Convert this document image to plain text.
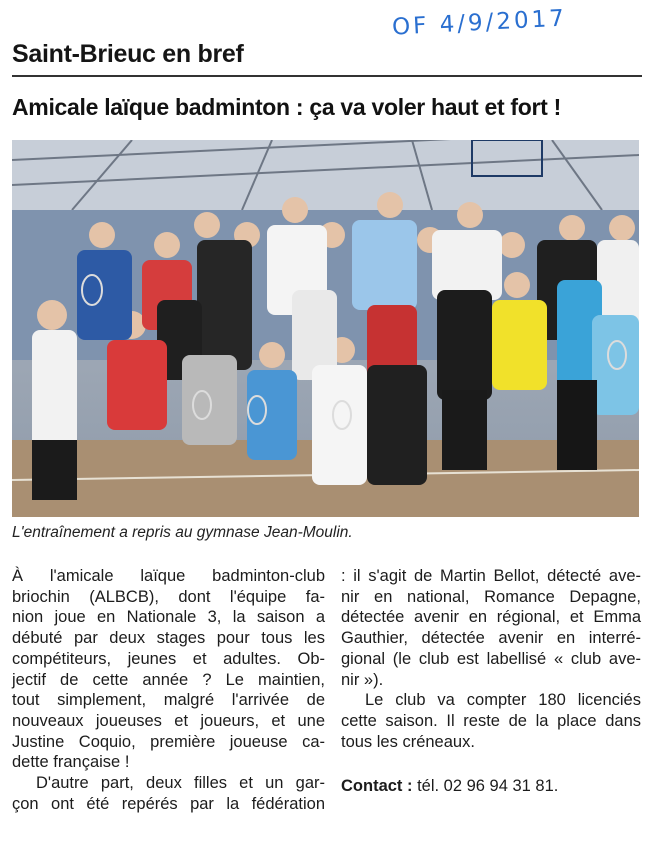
Saint-Brieuc en bref
OF 4/9/2017
Amicale laïque badminton : ça va voler haut et fort !
L'entraînement a repris au gymnase Jean-Moulin.
À l'amicale laïque badminton-club
briochin (ALBCB), dont l'équipe fa-
nion joue en Nationale 3, la saison a
débuté par deux stages pour tous les
compétiteurs, jeunes et adultes. Ob-
jectif de cette année ? Le maintien,
tout simplement, malgré l'arrivée de
nouveaux joueuses et joueurs, et une
Justine Coquio, première joueuse ca-
dette française !
D'autre part, deux filles et un gar-
çon ont été repérés par la fédération
: il s'agit de Martin Bellot, détecté ave-
nir en national, Romance Depagne,
détectée avenir en régional, et Emma
Gauthier, détectée avenir en interré-
gional (le club est labellisé « club ave-
nir »).
Le club va compter 180 licenciés
cette saison. Il reste de la place dans
tous les créneaux.

Contact : tél. 02 96 94 31 81.
